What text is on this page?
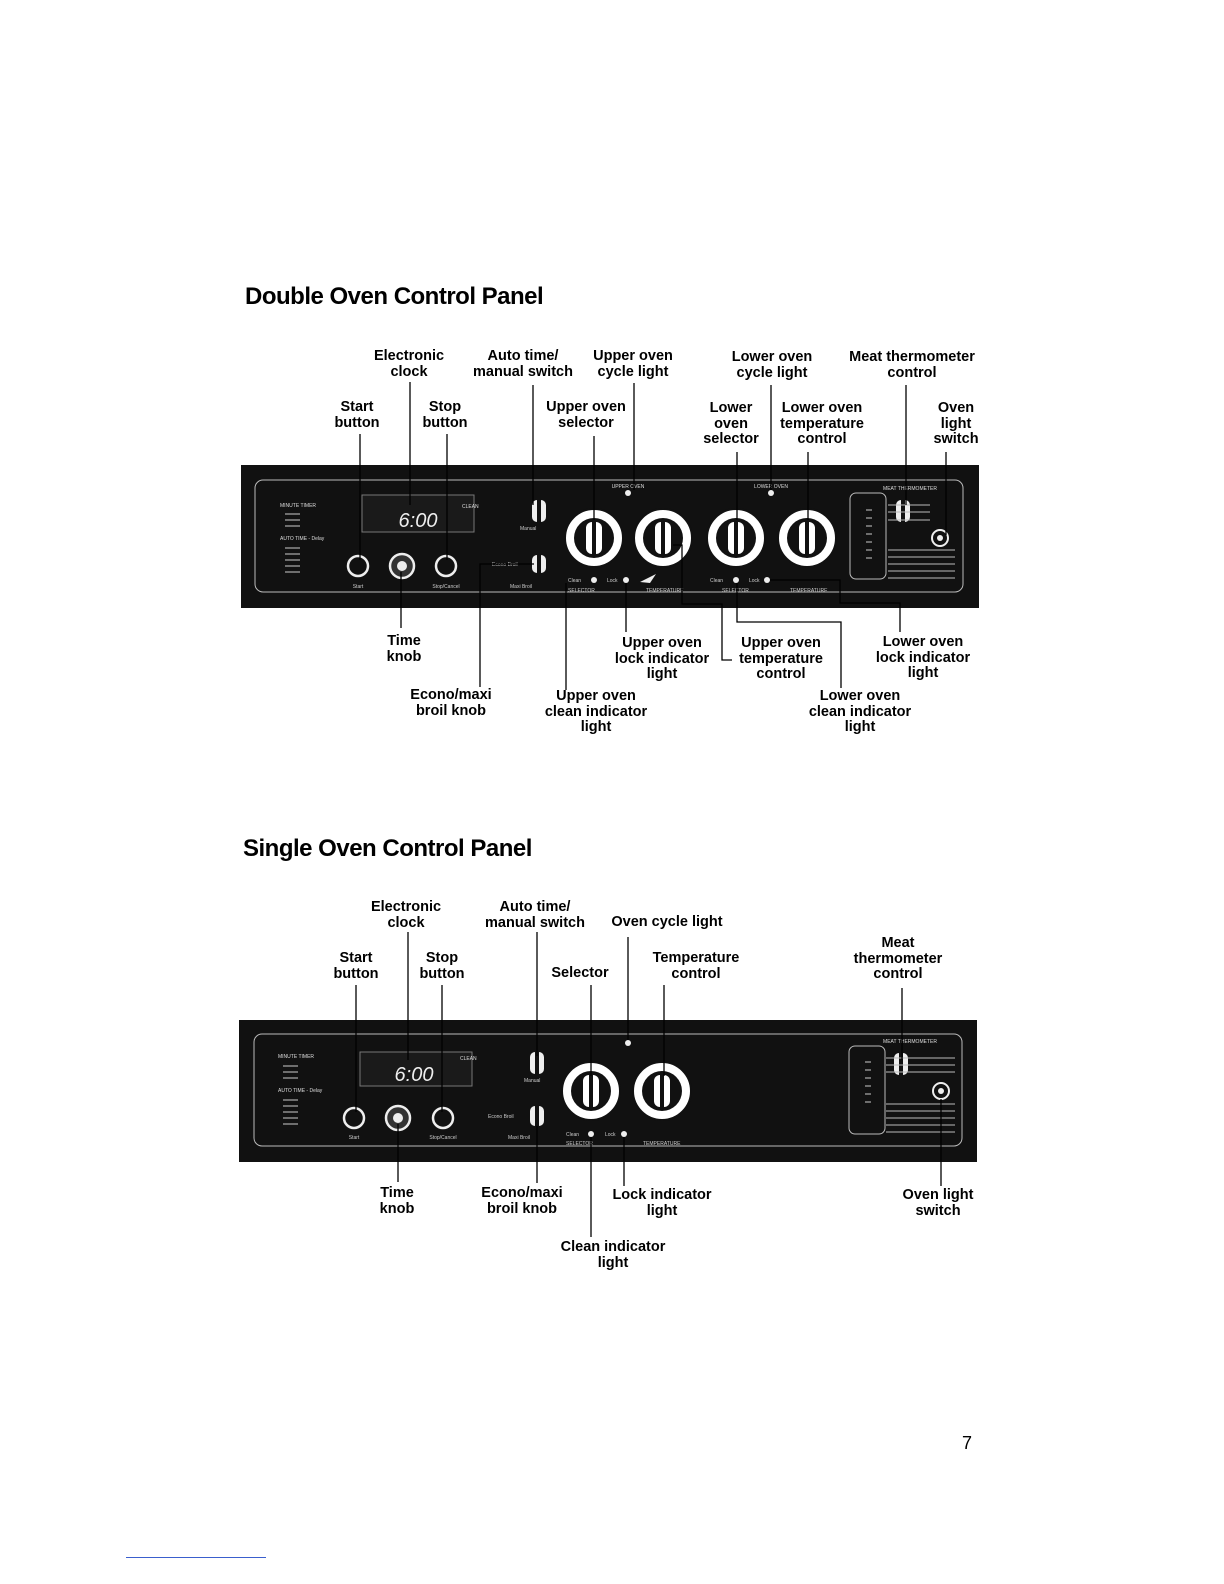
Double Oven Control Panel
MINUTE TIMER
AUTO TIME - Delay
6:00
Start	Stop/Cancel
CLEAN
Manual
Econo Broil
Maxi Broil
UPPER OVEN	LOWER OVEN
Clean	Lock	Clean	Lock
SELECTOR	TEMPERATURE	SELECTOR	TEMPERATURE
MEAT THERMOMETER
Electronic
clock
Auto time/
manual switch
Upper oven
cycle light
Lower oven
cycle light
Meat thermometer
control
Start
button
Stop
button
Upper oven
selector
Lower
oven
selector
Lower oven
temperature
control
Oven
light
switch
Time
knob
Upper oven
lock indicator
light
Upper oven
temperature
control
Lower oven
lock indicator
light
Econo/maxi
broil knob
Upper oven
clean indicator
light
Lower oven
clean indicator
light
Single Oven Control Panel
MINUTE TIMER
AUTO TIME - Delay
6:00
Start	Stop/Cancel
CLEAN
Manual
Econo Broil
Maxi Broil	Clean	Lock
SELECTOR	TEMPERATURE
MEAT THERMOMETER
Electronic
clock
Auto time/
manual switch Oven cycle light
Meat
thermometer
control
Start
button
Stop
button	Selector
Temperature
control
Time
knob
Econo/maxi
broil knob
Lock indicator
light
Oven light
switch
Clean indicator
light
7
